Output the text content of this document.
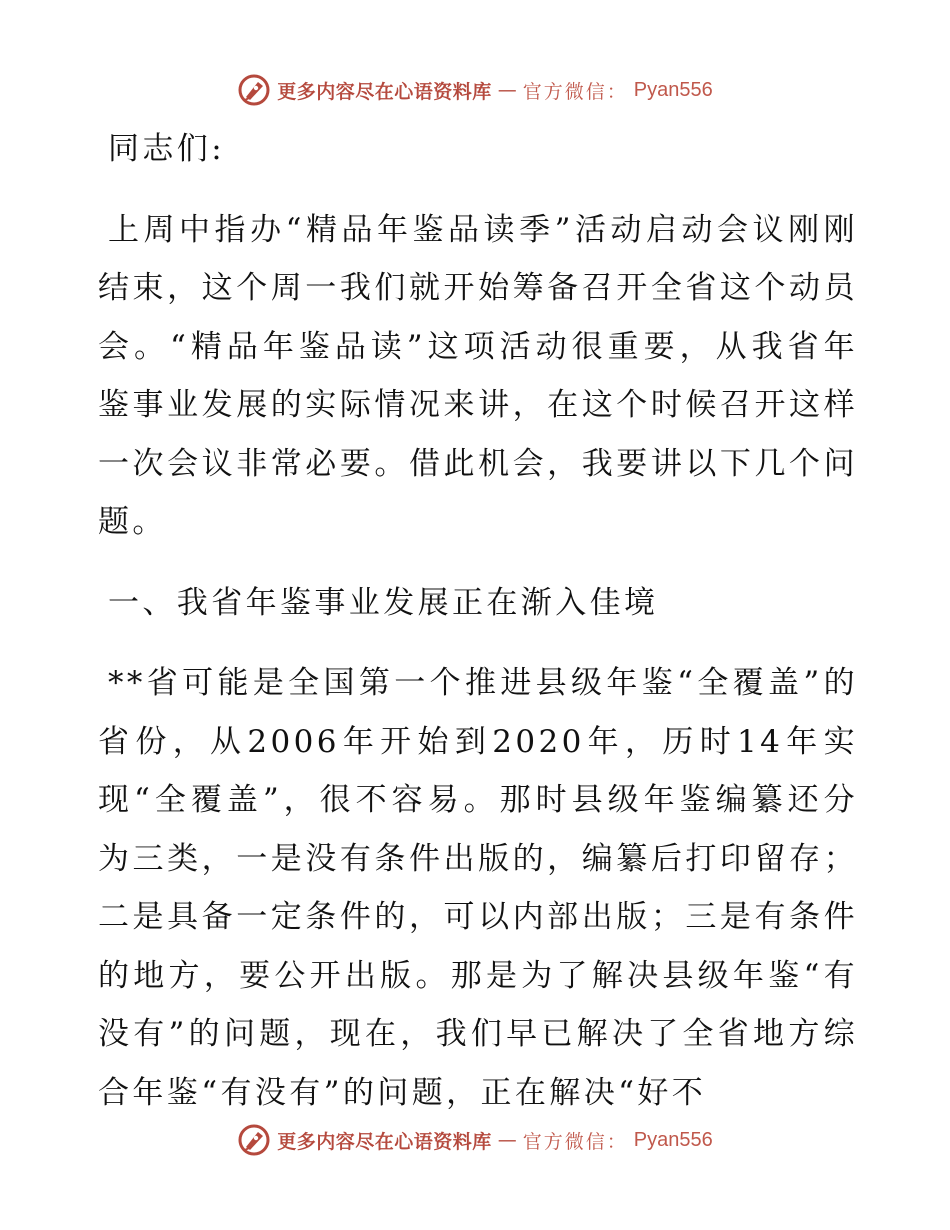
更多内容尽在心语资料库 — 官方微信： Pyan556

同志们:

上周中指办“精品年鉴品读季”活动启动会议刚刚结束，这个周一我们就开始筹备召开全省这个动员会。“精品年鉴品读”这项活动很重要，从我省年鉴事业发展的实际情况来讲，在这个时候召开这样一次会议非常必要。借此机会，我要讲以下几个问题。

一、我省年鉴事业发展正在渐入佳境

**省可能是全国第一个推进县级年鉴“全覆盖”的省份，从2006年开始到2020年，历时14年实现“全覆盖”，很不容易。那时县级年鉴编纂还分为三类，一是没有条件出版的，编纂后打印留存；二是具备一定条件的，可以内部出版；三是有条件的地方，要公开出版。那是为了解决县级年鉴“有没有”的问题，现在，我们早已解决了全省地方综合年鉴“有没有”的问题，正在解决“好不

更多内容尽在心语资料库 — 官方微信： Pyan556
